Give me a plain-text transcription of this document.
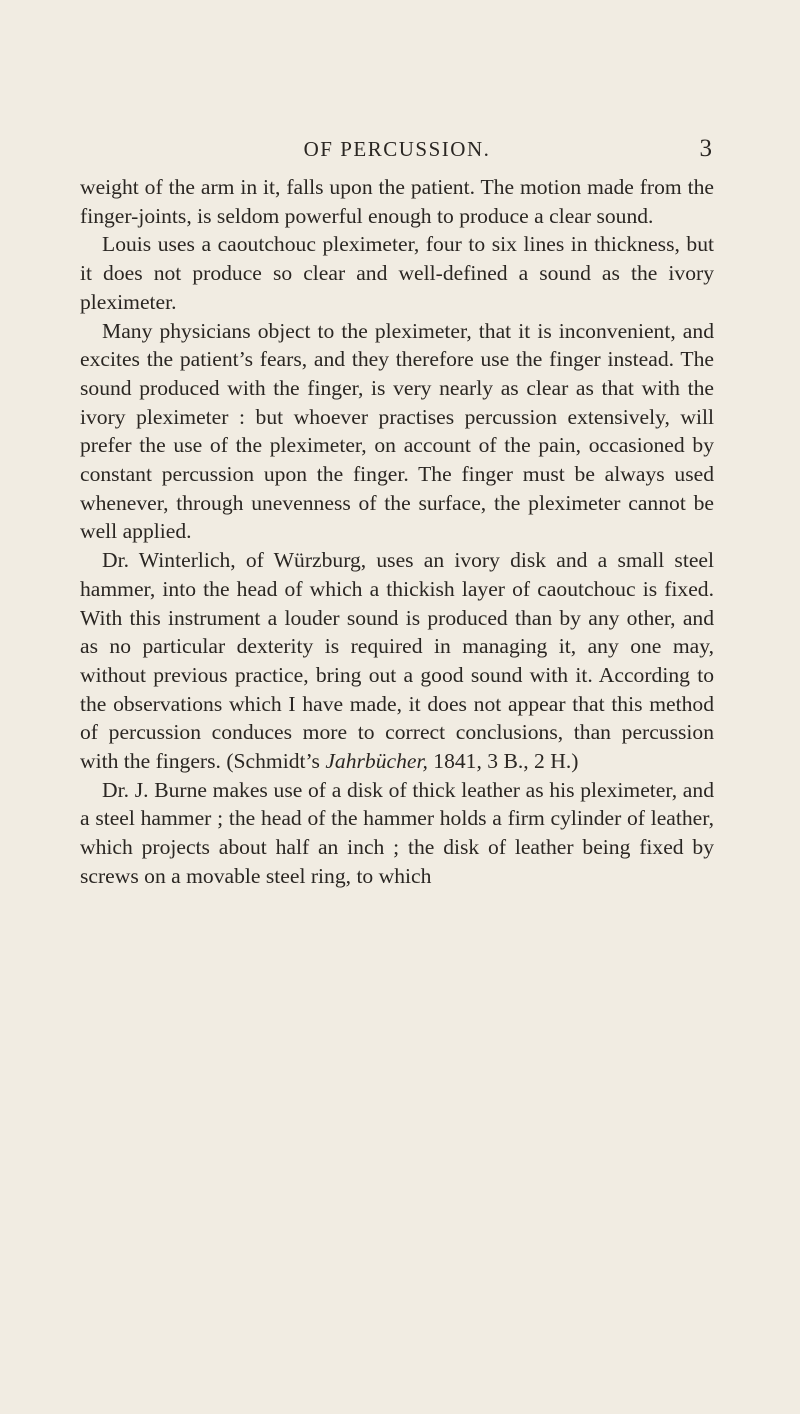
OF PERCUSSION.	3

weight of the arm in it, falls upon the patient. The motion made from the finger-joints, is seldom powerful enough to produce a clear sound.

Louis uses a caoutchouc pleximeter, four to six lines in thickness, but it does not produce so clear and well-defined a sound as the ivory pleximeter.

Many physicians object to the pleximeter, that it is inconvenient, and excites the patient’s fears, and they therefore use the finger instead. The sound produced with the finger, is very nearly as clear as that with the ivory pleximeter : but whoever practises percussion extensively, will prefer the use of the pleximeter, on account of the pain, occasioned by constant percussion upon the finger. The finger must be always used whenever, through unevenness of the surface, the pleximeter cannot be well applied.

Dr. Winterlich, of Würzburg, uses an ivory disk and a small steel hammer, into the head of which a thickish layer of caoutchouc is fixed. With this instrument a louder sound is produced than by any other, and as no particular dexterity is required in managing it, any one may, without previous practice, bring out a good sound with it. According to the observations which I have made, it does not appear that this method of percussion conduces more to correct conclusions, than percussion with the fingers. (Schmidt’s Jahrbücher, 1841, 3 B., 2 H.)

Dr. J. Burne makes use of a disk of thick leather as his pleximeter, and a steel hammer ; the head of the hammer holds a firm cylinder of leather, which projects about half an inch ; the disk of leather being fixed by screws on a movable steel ring, to which
